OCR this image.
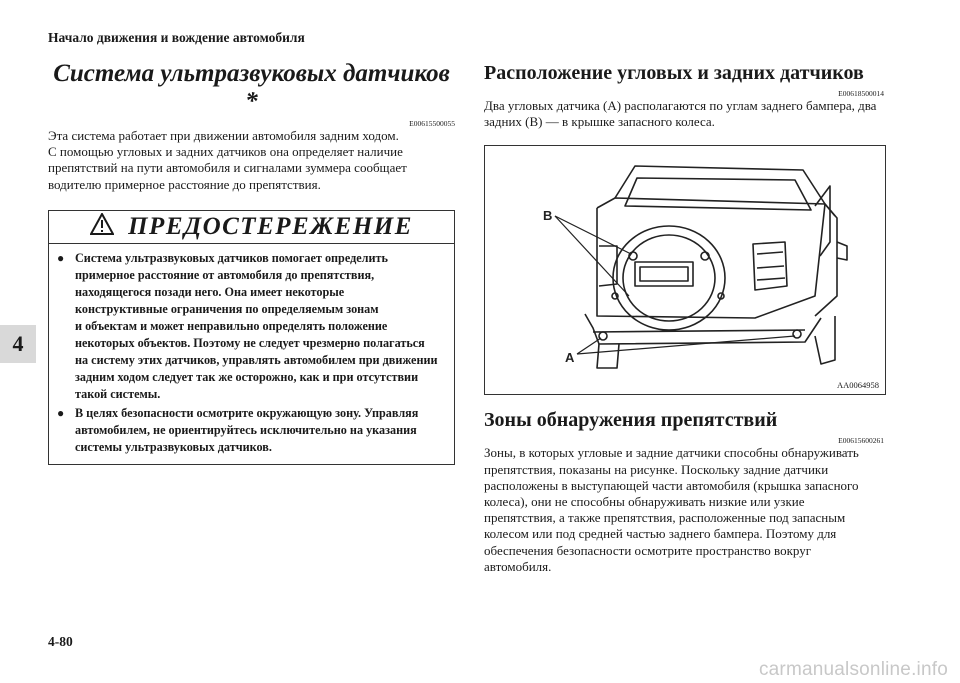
Начало движения и вождение автомобиля
4
4-80
carmanualsonline.info
Система ультразвуковых датчиков *

E00615500055

Эта система работает при движении автомобиля задним ходом.

С помощью угловых и задних датчиков она определяет наличие

препятствий на пути автомобиля и сигналами зуммера сообщает

водителю примерное расстояние до препятствия.

ПРЕДОСТЕРЕЖЕНИЕ
● Система ультразвуковых датчиков помогает определить
примерное расстояние от автомобиля до препятствия,
находящегося позади него. Она имеет некоторые
конструктивные ограничения по определяемым зонам
и объектам и может неправильно определять положение
некоторых объектов. Поэтому не следует чрезмерно полагаться
на систему этих датчиков, управлять автомобилем при движении
задним ходом следует так же осторожно, как и при отсутствии
такой системы.
● В целях безопасности осмотрите окружающую зону. Управляя
автомобилем, не ориентируйтесь исключительно на указания
системы ультразвуковых датчиков.
Расположение угловых и задних датчиков

E00618500014

Два угловых датчика (A) располагаются по углам заднего бампера, два

задних (B) — в крышке запасного колеса.

B
A
AA0064958
Зоны обнаружения препятствий

E00615600261

Зоны, в которых угловые и задние датчики способны обнаруживать

препятствия, показаны на рисунке. Поскольку задние датчики

расположены в выступающей части автомобиля (крышка запасного

колеса), они не способны обнаруживать низкие или узкие

препятствия, а также препятствия, расположенные под запасным

колесом или под средней частью заднего бампера. Поэтому для

обеспечения безопасности осмотрите пространство вокруг

автомобиля.
